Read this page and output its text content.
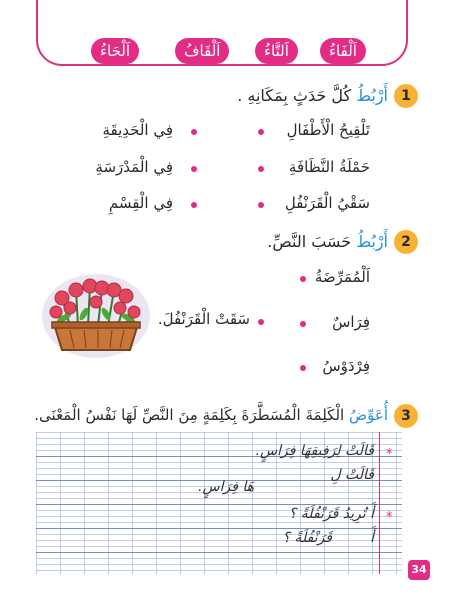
اَلْفَاءُ
اَلتَّاءُ
اَلْقَافُ
اَلْحَاءُ
1
أَرْبُطُ كُلَّ حَدَثٍ بِمَكَانِهِ .
تَلْقِيحُ الْأَطْفَالِ
فِي الْحَدِيقَةِ
حَمْلَةُ النَّظَافَةِ
فِي الْمَدْرَسَةِ
سَقْيُ الْقَرَنْفُلِ
فِي الْقِسْمِ
2
أَرْبُطُ حَسَبَ النَّصِّ.
اَلْمُمَرِّضَةُ
فِرَاسٌ
فِرْدَوْسُ
سَقَتْ الْقَرَنْفُلَ.
3
أُعَوِّضُ الْكَلِمَةَ الْمُسَطَّرَةَ بِكَلِمَةٍ مِنَ النَّصِّ لَهَا نَفْسُ الْمَعْنَى.
*
قَالَتْ لِرَفِيقِهَا فِرَاسٍ.
قَالَتْ لِ
هَا فِرَاسٍ.
*
أَ تُرِيدُ قَرَنْفُلَةً ؟
أَ
قَرَنْفُلَةً ؟
34
